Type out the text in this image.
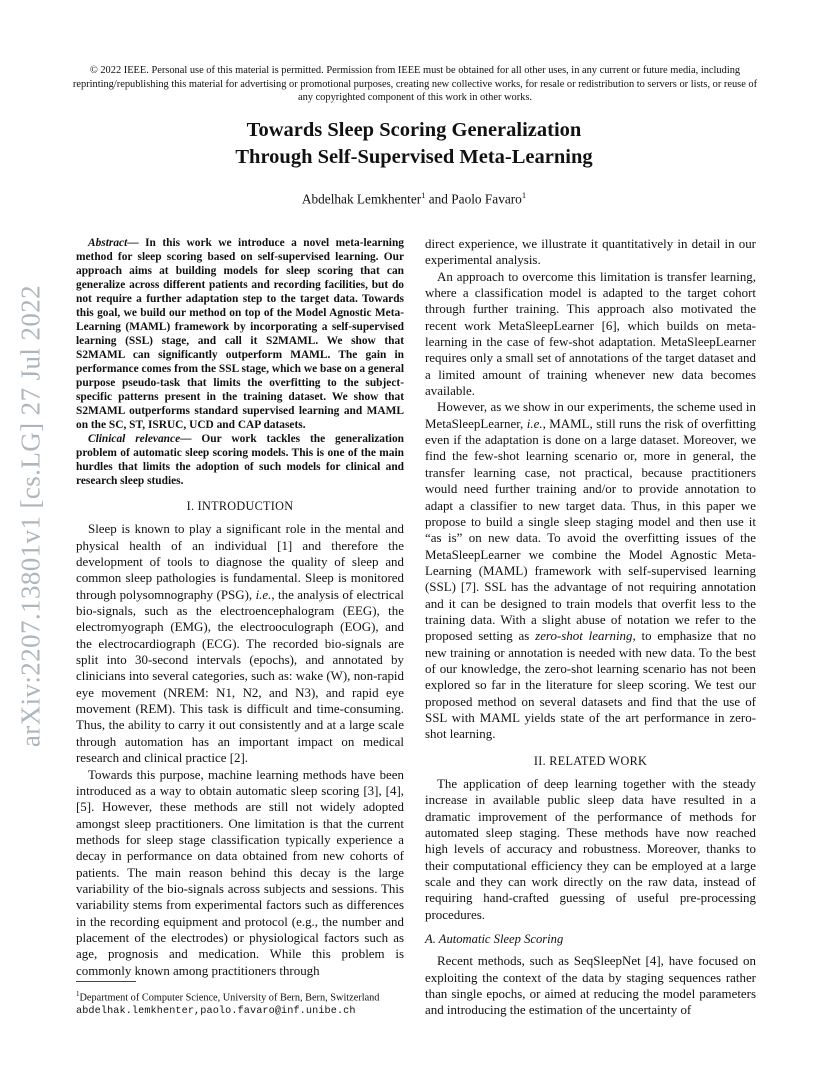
© 2022 IEEE. Personal use of this material is permitted. Permission from IEEE must be obtained for all other uses, in any current or future media, including reprinting/republishing this material for advertising or promotional purposes, creating new collective works, for resale or redistribution to servers or lists, or reuse of any copyrighted component of this work in other works.
Towards Sleep Scoring Generalization
Through Self-Supervised Meta-Learning
Abdelhak Lemkhenter$^1$ and Paolo Favaro$^1$
arXiv:2207.13801v1 [cs.LG] 27 Jul 2022

Abstract— In this work we introduce a novel meta-learning method for sleep scoring based on self-supervised learning. Our approach aims at building models for sleep scoring that can generalize across different patients and recording facilities, but do not require a further adaptation step to the target data. Towards this goal, we build our method on top of the Model Agnostic Meta-Learning (MAML) framework by incorporating a self-supervised learning (SSL) stage, and call it S2MAML. We show that S2MAML can significantly outperform MAML. The gain in performance comes from the SSL stage, which we base on a general purpose pseudo-task that limits the overfitting to the subject-specific patterns present in the training dataset. We show that S2MAML outperforms standard supervised learning and MAML on the SC, ST, ISRUC, UCD and CAP datasets.

Clinical relevance— Our work tackles the generalization problem of automatic sleep scoring models. This is one of the main hurdles that limits the adoption of such models for clinical and research sleep studies.

I. INTRODUCTION

Sleep is known to play a significant role in the mental and physical health of an individual [1] and therefore the development of tools to diagnose the quality of sleep and common sleep pathologies is fundamental. Sleep is monitored through polysomnography (PSG), i.e., the analysis of electrical bio-signals, such as the electroencephalogram (EEG), the electromyograph (EMG), the electrooculograph (EOG), and the electrocardiograph (ECG). The recorded bio-signals are split into 30-second intervals (epochs), and annotated by clinicians into several categories, such as: wake (W), non-rapid eye movement (NREM: N1, N2, and N3), and rapid eye movement (REM). This task is difficult and time-consuming. Thus, the ability to carry it out consistently and at a large scale through automation has an important impact on medical research and clinical practice [2].

Towards this purpose, machine learning methods have been introduced as a way to obtain automatic sleep scoring [3], [4], [5]. However, these methods are still not widely adopted amongst sleep practitioners. One limitation is that the current methods for sleep stage classification typically experience a decay in performance on data obtained from new cohorts of patients. The main reason behind this decay is the large variability of the bio-signals across subjects and sessions. This variability stems from experimental factors such as differences in the recording equipment and protocol (e.g., the number and placement of the electrodes) or physiological factors such as age, prognosis and medication. While this problem is commonly known among practitioners through

$^1$Department of Computer Science, University of Bern, Bern, Switzerland
abdelhak.lemkhenter,paolo.favaro@inf.unibe.ch

direct experience, we illustrate it quantitatively in detail in our experimental analysis.

An approach to overcome this limitation is transfer learning, where a classification model is adapted to the target cohort through further training. This approach also motivated the recent work MetaSleepLearner [6], which builds on meta-learning in the case of few-shot adaptation. MetaSleepLearner requires only a small set of annotations of the target dataset and a limited amount of training whenever new data becomes available.

However, as we show in our experiments, the scheme used in MetaSleepLearner, i.e., MAML, still runs the risk of overfitting even if the adaptation is done on a large dataset. Moreover, we find the few-shot learning scenario or, more in general, the transfer learning case, not practical, because practitioners would need further training and/or to provide annotation to adapt a classifier to new target data. Thus, in this paper we propose to build a single sleep staging model and then use it “as is” on new data. To avoid the overfitting issues of the MetaSleepLearner we combine the Model Agnostic Meta-Learning (MAML) framework with self-supervised learning (SSL) [7]. SSL has the advantage of not requiring annotation and it can be designed to train models that overfit less to the training data. With a slight abuse of notation we refer to the proposed setting as zero-shot learning, to emphasize that no new training or annotation is needed with new data. To the best of our knowledge, the zero-shot learning scenario has not been explored so far in the literature for sleep scoring. We test our proposed method on several datasets and find that the use of SSL with MAML yields state of the art performance in zero-shot learning.

II. RELATED WORK

The application of deep learning together with the steady increase in available public sleep data have resulted in a dramatic improvement of the performance of methods for automated sleep staging. These methods have now reached high levels of accuracy and robustness. Moreover, thanks to their computational efficiency they can be employed at a large scale and they can work directly on the raw data, instead of requiring hand-crafted guessing of useful pre-processing procedures.

A. Automatic Sleep Scoring

Recent methods, such as SeqSleepNet [4], have focused on exploiting the context of the data by staging sequences rather than single epochs, or aimed at reducing the model parameters and introducing the estimation of the uncertainty of
